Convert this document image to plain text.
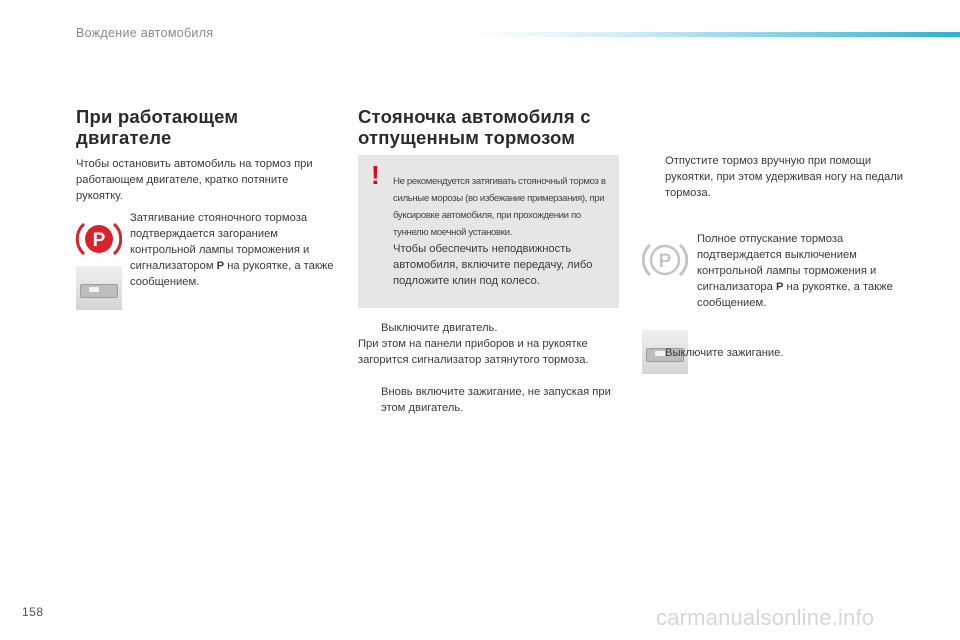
Вождение автомобиля
При работающем двигателе

Чтобы остановить автомобиль на тормоз при работающем двигателе, кратко потяните рукоятку.

P

Затягивание стояночного тормоза подтверждается загоранием контрольной лампы торможения и сигнализатором P на рукоятке, а также сообщением.

Стояночка автомобиля с отпущенным тормозом
! Не рекомендуется затягивать стояночный тормоз в сильные морозы (во избежание примерзания), при буксировке автомобиля, при прохождении по туннелю моечной установки.

Чтобы обеспечить неподвижность автомобиля, включите передачу, либо подложите клин под колесо.

Выключите двигатель.

При этом на панели приборов и на рукоятке загорится сигнализатор затянутого тормоза.

Вновь включите зажигание, не запуская при этом двигатель.

Отпустите тормоз вручную при помощи рукоятки, при этом удерживая ногу на педали тормоза.

P

Полное отпускание тормоза подтверждается выключением контрольной лампы торможения и сигнализатора P на рукоятке, а также сообщением.

Выключите зажигание.

158	carmanualsonline.info
